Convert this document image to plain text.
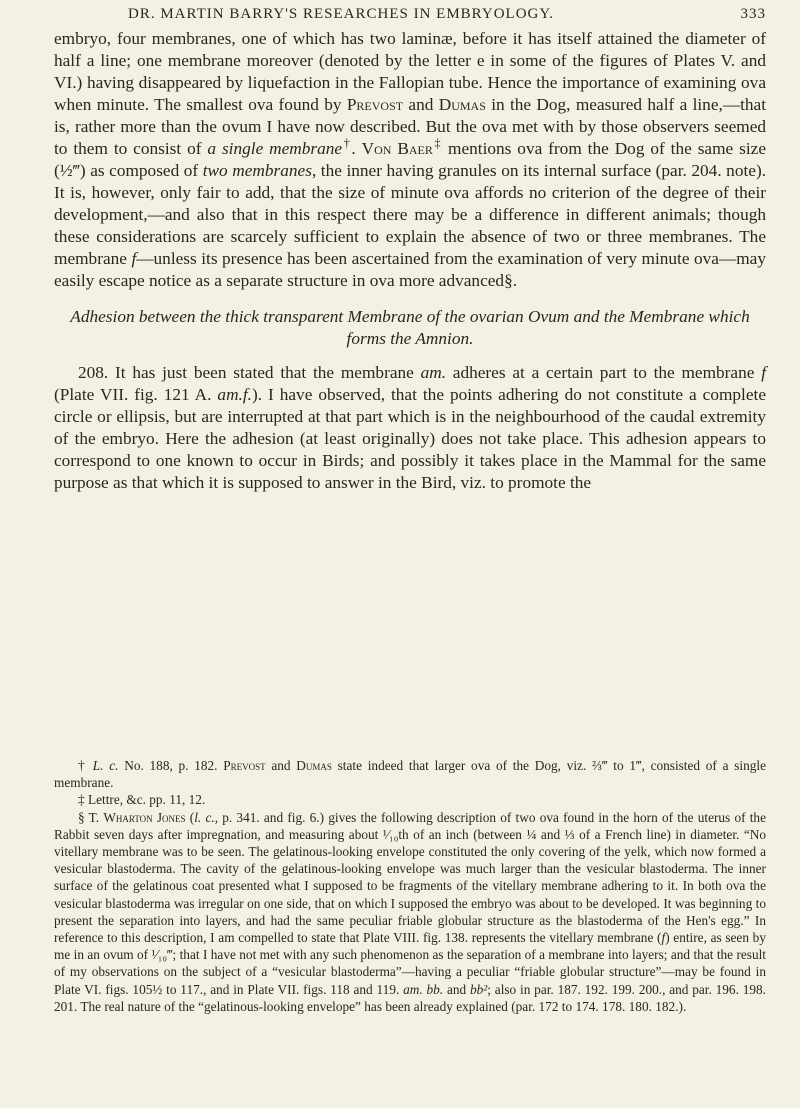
DR. MARTIN BARRY'S RESEARCHES IN EMBRYOLOGY.	333

embryo, four membranes, one of which has two laminæ, before it has itself attained the diameter of half a line; one membrane moreover (denoted by the letter e in some of the figures of Plates V. and VI.) having disappeared by liquefaction in the Fallopian tube. Hence the importance of examining ova when minute. The smallest ova found by Prevost and Dumas in the Dog, measured half a line,—that is, rather more than the ovum I have now described. But the ova met with by those observers seemed to them to consist of a single membrane†. Von Baer‡ mentions ova from the Dog of the same size (½‴) as composed of two membranes, the inner having granules on its internal surface (par. 204. note). It is, however, only fair to add, that the size of minute ova affords no criterion of the degree of their development,—and also that in this respect there may be a difference in different animals; though these considerations are scarcely sufficient to explain the absence of two or three membranes. The membrane f—unless its presence has been ascertained from the examination of very minute ova—may easily escape notice as a separate structure in ova more advanced§.

Adhesion between the thick transparent Membrane of the ovarian Ovum and the Membrane which forms the Amnion.

208. It has just been stated that the membrane am. adheres at a certain part to the membrane f (Plate VII. fig. 121 A. am.f.). I have observed, that the points adhering do not constitute a complete circle or ellipsis, but are interrupted at that part which is in the neighbourhood of the caudal extremity of the embryo. Here the adhesion (at least originally) does not take place. This adhesion appears to correspond to one known to occur in Birds; and possibly it takes place in the Mammal for the same purpose as that which it is supposed to answer in the Bird, viz. to promote the

† L. c. No. 188, p. 182. Prevost and Dumas state indeed that larger ova of the Dog, viz. ⅔‴ to 1‴, consisted of a single membrane.

‡ Lettre, &c. pp. 11, 12.

§ T. Wharton Jones (l. c., p. 341. and fig. 6.) gives the following description of two ova found in the horn of the uterus of the Rabbit seven days after impregnation, and measuring about ¹⁄₁₀th of an inch (between ¼ and ⅓ of a French line) in diameter. “No vitellary membrane was to be seen. The gelatinous-looking envelope constituted the only covering of the yelk, which now formed a vesicular blastoderma. The cavity of the gelatinous-looking envelope was much larger than the vesicular blastoderma. The inner surface of the gelatinous coat presented what I supposed to be fragments of the vitellary membrane adhering to it. In both ova the vesicular blastoderma was irregular on one side, that on which I supposed the embryo was about to be developed. It was beginning to present the separation into layers, and had the same peculiar friable globular structure as the blastoderma of the Hen's egg.” In reference to this description, I am compelled to state that Plate VIII. fig. 138. represents the vitellary membrane (f) entire, as seen by me in an ovum of ¹⁄₁₀‴; that I have not met with any such phenomenon as the separation of a membrane into layers; and that the result of my observations on the subject of a “vesicular blastoderma”—having a peculiar “friable globular structure”—may be found in Plate VI. figs. 105½ to 117., and in Plate VII. figs. 118 and 119. am. bb. and bb²; also in par. 187. 192. 199. 200., and par. 196. 198. 201. The real nature of the “gelatinous-looking envelope” has been already explained (par. 172 to 174. 178. 180. 182.).
